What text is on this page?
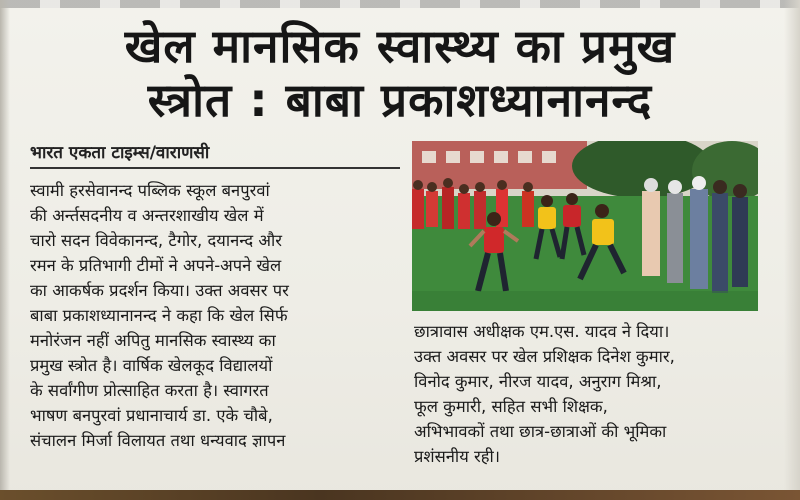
खेल मानसिक स्वास्थ्य का प्रमुख
स्त्रोत : बाबा प्रकाशध्यानानन्द
भारत एकता टाइम्स/वाराणसी

स्वामी हरसेवानन्द पब्लिक स्कूल बनपुरवां

की अर्न्तसदनीय व अन्तरशाखीय खेल में

चारो सदन विवेकानन्द, टैगोर, दयानन्द और

रमन के प्रतिभागी टीमों ने अपने-अपने खेल

का आकर्षक प्रदर्शन किया। उक्त अवसर पर

बाबा प्रकाशध्यानानन्द ने कहा कि खेल सिर्फ

मनोरंजन नहीं अपितु मानसिक स्वास्थ्य का

प्रमुख स्त्रोत है। वार्षिक खेलकूद विद्यालयों

के सर्वांगीण प्रोत्साहित करता है। स्वागरत

भाषण बनपुरवां प्रधानाचार्य डा. एके चौबे,

संचालन मिर्जा विलायत तथा धन्यवाद ज्ञापन

छात्रावास अधीक्षक एम.एस. यादव ने दिया।

उक्त अवसर पर खेल प्रशिक्षक दिनेश कुमार,

विनोद कुमार, नीरज यादव, अनुराग मिश्रा,

फूल कुमारी, सहित सभी शिक्षक,

अभिभावकों तथा छात्र-छात्राओं की भूमिका

प्रशंसनीय रही।
